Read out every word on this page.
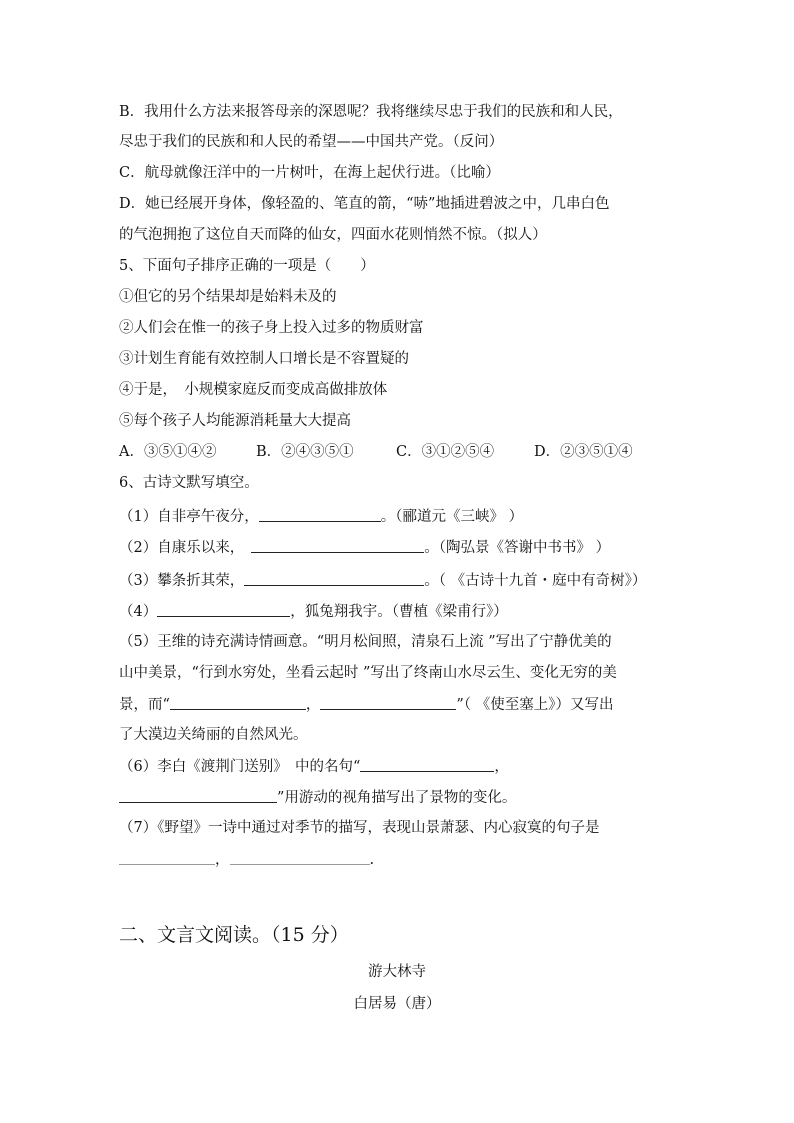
B．我用什么方法来报答母亲的深恩呢？我将继续尽忠于我们的民族和和人民，
尽忠于我们的民族和和人民的希望——中国共产党。（反问）
C．航母就像汪洋中的一片树叶，在海上起伏行进。（比喻）
D．她已经展开身体，像轻盈的、笔直的箭，“哧”地插进碧波之中，几串白色
的气泡拥抱了这位自天而降的仙女，四面水花则悄然不惊。（拟人）
5、下面句子排序正确的一项是（　　）
①但它的另个结果却是始料未及的
②人们会在惟一的孩子身上投入过多的物质财富
③计划生育能有效控制人口增长是不容置疑的
④于是，　小规模家庭反而变成高做排放体
⑤每个孩子人均能源消耗量大大提高
A．③⑤①④②	B．②④③⑤①	C．③①②⑤④	D．②③⑤①④
6、古诗文默写填空。
（1）自非亭午夜分，	。（郦道元《三峡》 ）
（2）自康乐以来，	。（陶弘景《答谢中书书》 ）
（3）攀条折其荣，	。（ 《古诗十九首・庭中有奇树》）
（4）	，狐兔翔我宇。（曹植《梁甫行》）
（5）王维的诗充满诗情画意。“明月松间照，清泉石上流 ”写出了宁静优美的
山中美景，“行到水穷处，坐看云起时 ”写出了终南山水尽云生、变化无穷的美
景，而“	，	”（ 《使至塞上》）又写出
了大漠边关绮丽的自然风光。
（6）李白《渡荆门送别》　中的名句“	，
”用游动的视角描写出了景物的变化。
（7）《野望》一诗中通过对季节的描写，表现山景萧瑟、内心寂寞的句子是
，	.
二、文言文阅读。（15 分）
游大林寺
白居易（唐）
